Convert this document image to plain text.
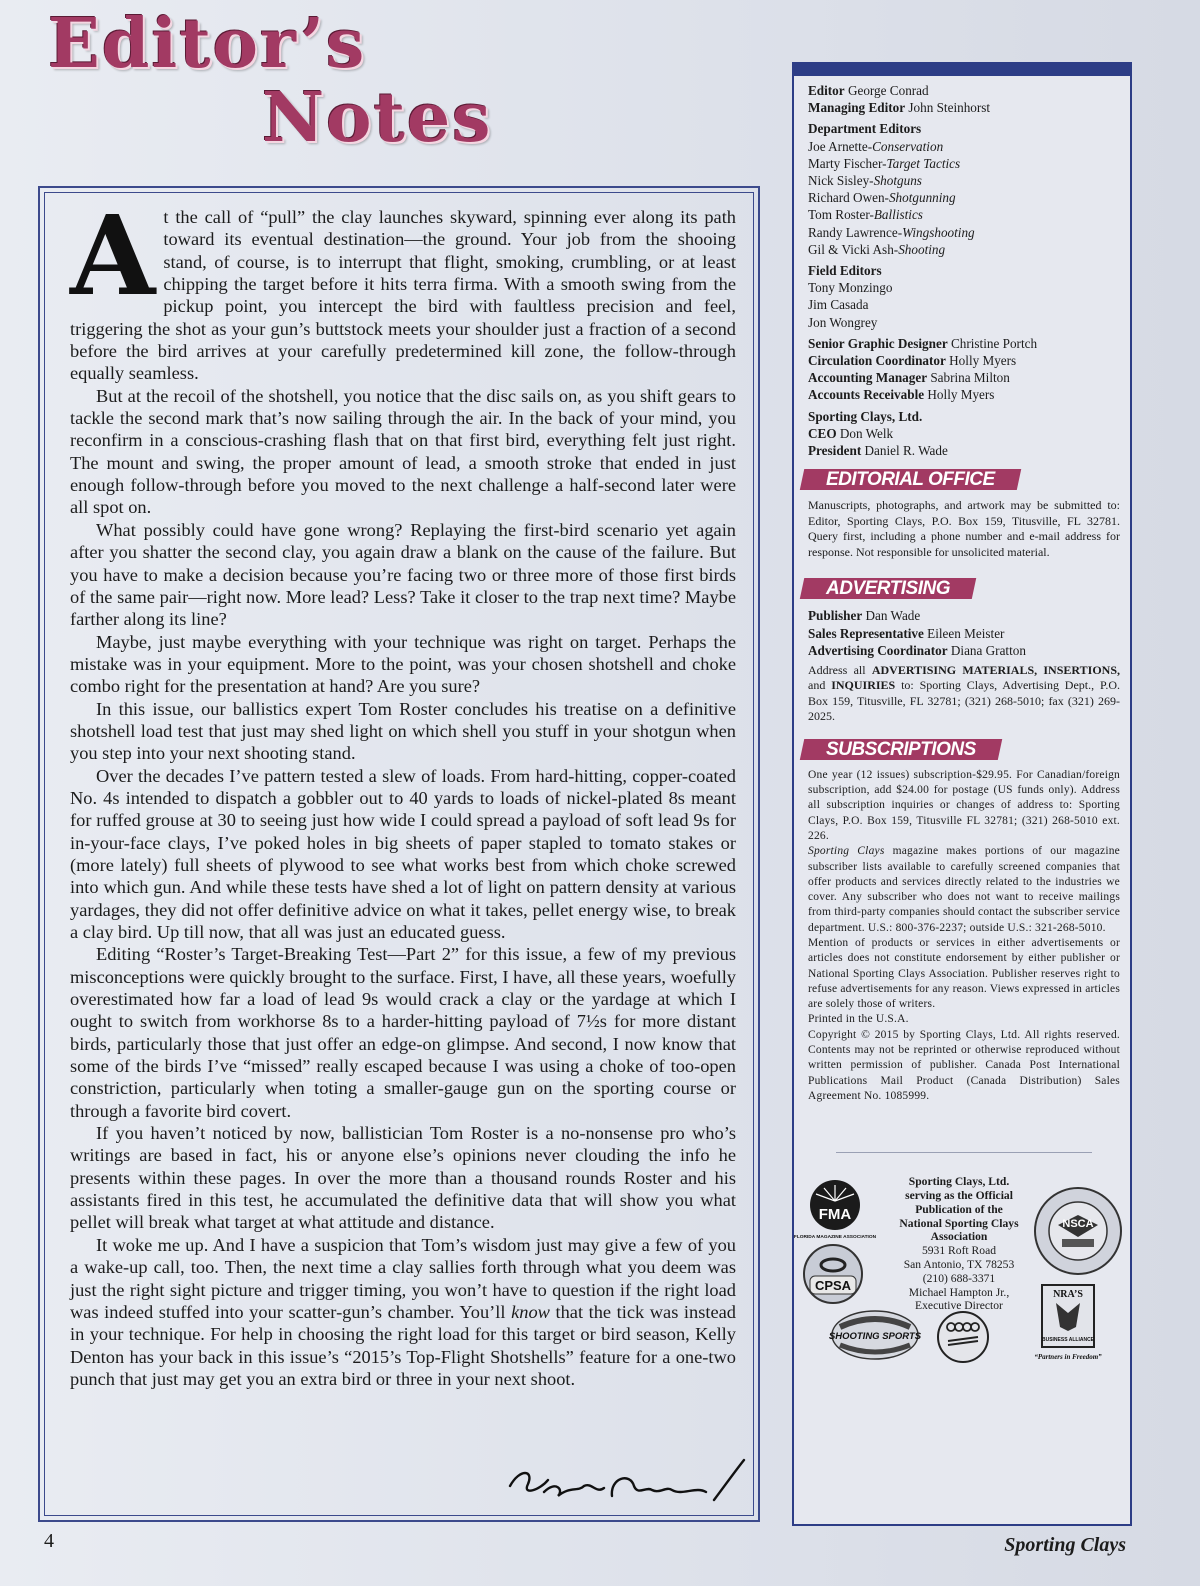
Editor’s
Notes

At the call of “pull” the clay launches skyward, spinning ever along its path toward its eventual destination—the ground. Your job from the shooing stand, of course, is to interrupt that flight, smoking, crumbling, or at least chipping the target before it hits terra firma. With a smooth swing from the pickup point, you intercept the bird with faultless precision and feel, triggering the shot as your gun’s buttstock meets your shoulder just a fraction of a second before the bird arrives at your carefully predetermined kill zone, the follow-through equally seamless.

But at the recoil of the shotshell, you notice that the disc sails on, as you shift gears to tackle the second mark that’s now sailing through the air. In the back of your mind, you reconfirm in a conscious-crashing flash that on that first bird, everything felt just right. The mount and swing, the proper amount of lead, a smooth stroke that ended in just enough follow-through before you moved to the next challenge a half-second later were all spot on.

What possibly could have gone wrong? Replaying the first-bird scenario yet again after you shatter the second clay, you again draw a blank on the cause of the failure. But you have to make a decision because you’re facing two or three more of those first birds of the same pair—right now. More lead? Less? Take it closer to the trap next time? Maybe farther along its line?

Maybe, just maybe everything with your technique was right on target. Perhaps the mistake was in your equipment. More to the point, was your chosen shotshell and choke combo right for the presentation at hand? Are you sure?

In this issue, our ballistics expert Tom Roster concludes his treatise on a definitive shotshell load test that just may shed light on which shell you stuff in your shotgun when you step into your next shooting stand.

Over the decades I’ve pattern tested a slew of loads. From hard-hitting, copper-coated No. 4s intended to dispatch a gobbler out to 40 yards to loads of nickel-plated 8s meant for ruffed grouse at 30 to seeing just how wide I could spread a payload of soft lead 9s for in-your-face clays, I’ve poked holes in big sheets of paper stapled to tomato stakes or (more lately) full sheets of plywood to see what works best from which choke screwed into which gun. And while these tests have shed a lot of light on pattern density at various yardages, they did not offer definitive advice on what it takes, pellet energy wise, to break a clay bird. Up till now, that all was just an educated guess.

Editing “Roster’s Target-Breaking Test—Part 2” for this issue, a few of my previous misconceptions were quickly brought to the surface. First, I have, all these years, woefully overestimated how far a load of lead 9s would crack a clay or the yardage at which I ought to switch from workhorse 8s to a harder-hitting payload of 7½s for more distant birds, particularly those that just offer an edge-on glimpse. And second, I now know that some of the birds I’ve “missed” really escaped because I was using a choke of too-open constriction, particularly when toting a smaller-gauge gun on the sporting course or through a favorite bird covert.

If you haven’t noticed by now, ballistician Tom Roster is a no-nonsense pro who’s writings are based in fact, his or anyone else’s opinions never clouding the info he presents within these pages. In over the more than a thousand rounds Roster and his assistants fired in this test, he accumulated the definitive data that will show you what pellet will break what target at what attitude and distance.

It woke me up. And I have a suspicion that Tom’s wisdom just may give a few of you a wake-up call, too. Then, the next time a clay sallies forth through what you deem was just the right sight picture and trigger timing, you won’t have to question if the right load was indeed stuffed into your scatter-gun’s chamber. You’ll know that the tick was instead in your technique. For help in choosing the right load for this target or bird season, Kelly Denton has your back in this issue’s “2015’s Top-Flight Shotshells” feature for a one-two punch that just may get you an extra bird or three in your next shoot.

4	Sporting Clays
Editor George Conrad
Managing Editor John Steinhorst
Department Editors
Joe Arnette-Conservation
Marty Fischer-Target Tactics
Nick Sisley-Shotguns
Richard Owen-Shotgunning
Tom Roster-Ballistics
Randy Lawrence-Wingshooting
Gil & Vicki Ash-Shooting
Field Editors
Tony Monzingo
Jim Casada
Jon Wongrey
Senior Graphic Designer Christine Portch
Circulation Coordinator Holly Myers
Accounting Manager Sabrina Milton
Accounts Receivable Holly Myers
Sporting Clays, Ltd.
CEO Don Welk
President Daniel R. Wade
EDITORIAL OFFICE
Manuscripts, photographs, and artwork may be submitted to: Editor, Sporting Clays, P.O. Box 159, Titusville, FL 32781. Query first, including a phone number and e-mail address for response. Not responsible for unsolicited material.
ADVERTISING
Publisher Dan Wade
Sales Representative Eileen Meister
Advertising Coordinator Diana Gratton
Address all ADVERTISING MATERIALS, INSERTIONS, and INQUIRIES to: Sporting Clays, Advertising Dept., P.O. Box 159, Titusville, FL 32781; (321) 268-5010; fax (321) 269-2025.
SUBSCRIPTIONS
One year (12 issues) subscription-$29.95. For Canadian/foreign subscription, add $24.00 for postage (US funds only). Address all subscription inquiries or changes of address to: Sporting Clays, P.O. Box 159, Titusville FL 32781; (321) 268-5010 ext. 226.
Sporting Clays magazine makes portions of our magazine subscriber lists available to carefully screened companies that offer products and services directly related to the industries we cover. Any subscriber who does not want to receive mailings from third-party companies should contact the subscriber service department. U.S.: 800-376-2237; outside U.S.: 321-268-5010.
Mention of products or services in either advertisements or articles does not constitute endorsement by either publisher or National Sporting Clays Association. Publisher reserves right to refuse advertisements for any reason. Views expressed in articles are solely those of writers.
Printed in the U.S.A.
Copyright © 2015 by Sporting Clays, Ltd. All rights reserved. Contents may not be reprinted or otherwise reproduced without written permission of publisher. Canada Post International Publications Mail Product (Canada Distribution) Sales Agreement No. 1085999.
FMA
FLORIDA MAGAZINE ASSOCIATION
CPSA
Sporting Clays, Ltd.
serving as the Official
Publication of the
National Sporting Clays
Association
5931 Roft Road
San Antonio, TX 78253
(210) 688-3371
Michael Hampton Jr.,
Executive Director
NSCA
SHOOTING SPORTS
NRA’S
BUSINESS ALLIANCE
“Partners in Freedom”
